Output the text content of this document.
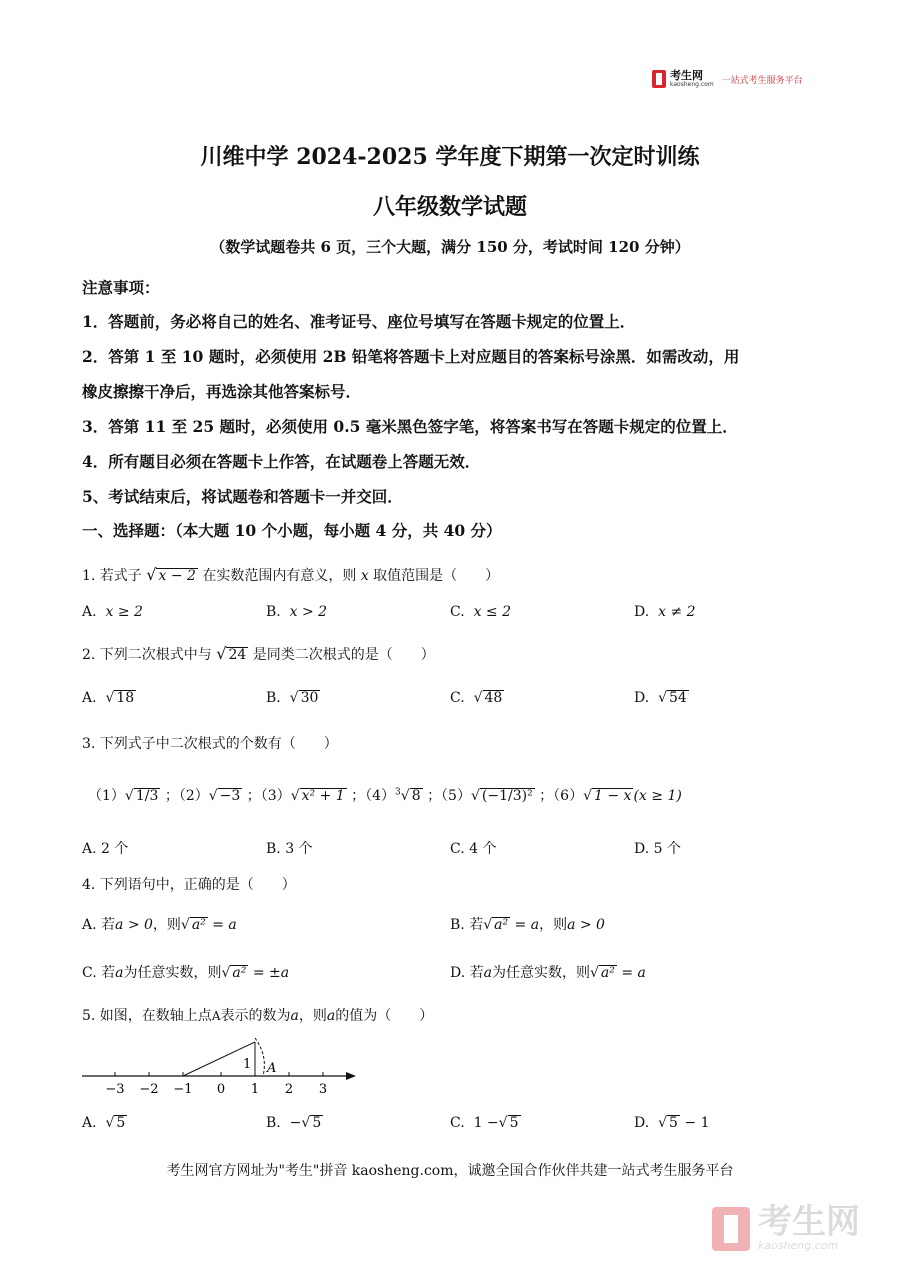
考生网
kaosheng.com 一站式考生服务平台
川维中学 2024-2025 学年度下期第一次定时训练
八年级数学试题
（数学试题卷共 6 页，三个大题，满分 150 分，考试时间 120 分钟）
注意事项：
1．答题前，务必将自己的姓名、准考证号、座位号填写在答题卡规定的位置上．
2．答第 1 至 10 题时，必须使用 2B 铅笔将答题卡上对应题目的答案标号涂黑．如需改动，用
橡皮擦擦干净后，再选涂其他答案标号．
3．答第 11 至 25 题时，必须使用 0.5 毫米黑色签字笔，将答案书写在答题卡规定的位置上．
4．所有题目必须在答题卡上作答，在试题卷上答题无效．
5、考试结束后，将试题卷和答题卡一并交回．
一、选择题：（本大题 10 个小题，每小题 4 分，共 40 分）
1. 若式子 √ x − 2 在实数范围内有意义，则 x 取值范围是（　　）
A. x ≥ 2	B. x > 2	C. x ≤ 2	D. x ≠ 2
2. 下列二次根式中与 √ 24 是同类二次根式的是（　　）
A.  √ 18	B.  √ 30	C.  √ 48	D.  √ 54
3. 下列式子中二次根式的个数有（　　）
（1）√ 1/3 ；（2）√ −3 ；（3）√ x² + 1 ；$(4)^3√$ 8 ；（5）√ (−1/3)² ；（6）√ 1 − x (x ≥ 1)
A. 2 个	B. 3 个	C. 4 个	D. 5 个
4. 下列语句中，正确的是（　　）
A. 若a > 0，则√ a² = a	B. 若√ a² = a，则a > 0
C. 若a为任意实数，则√ a² = ±a	D. 若a为任意实数，则√ a² = a
5. 如图，在数轴上点A表示的数为a，则a的值为（　　）
−3 −2 −1 0 1 2 3
1 A
A. √ 5	B. −√ 5	C. 1 −√ 5	D. √ 5 − 1
考生网官方网址为"考生"拼音 kaosheng.com，诚邀全国合作伙伴共建一站式考生服务平台
考生网
kaosheng.com
